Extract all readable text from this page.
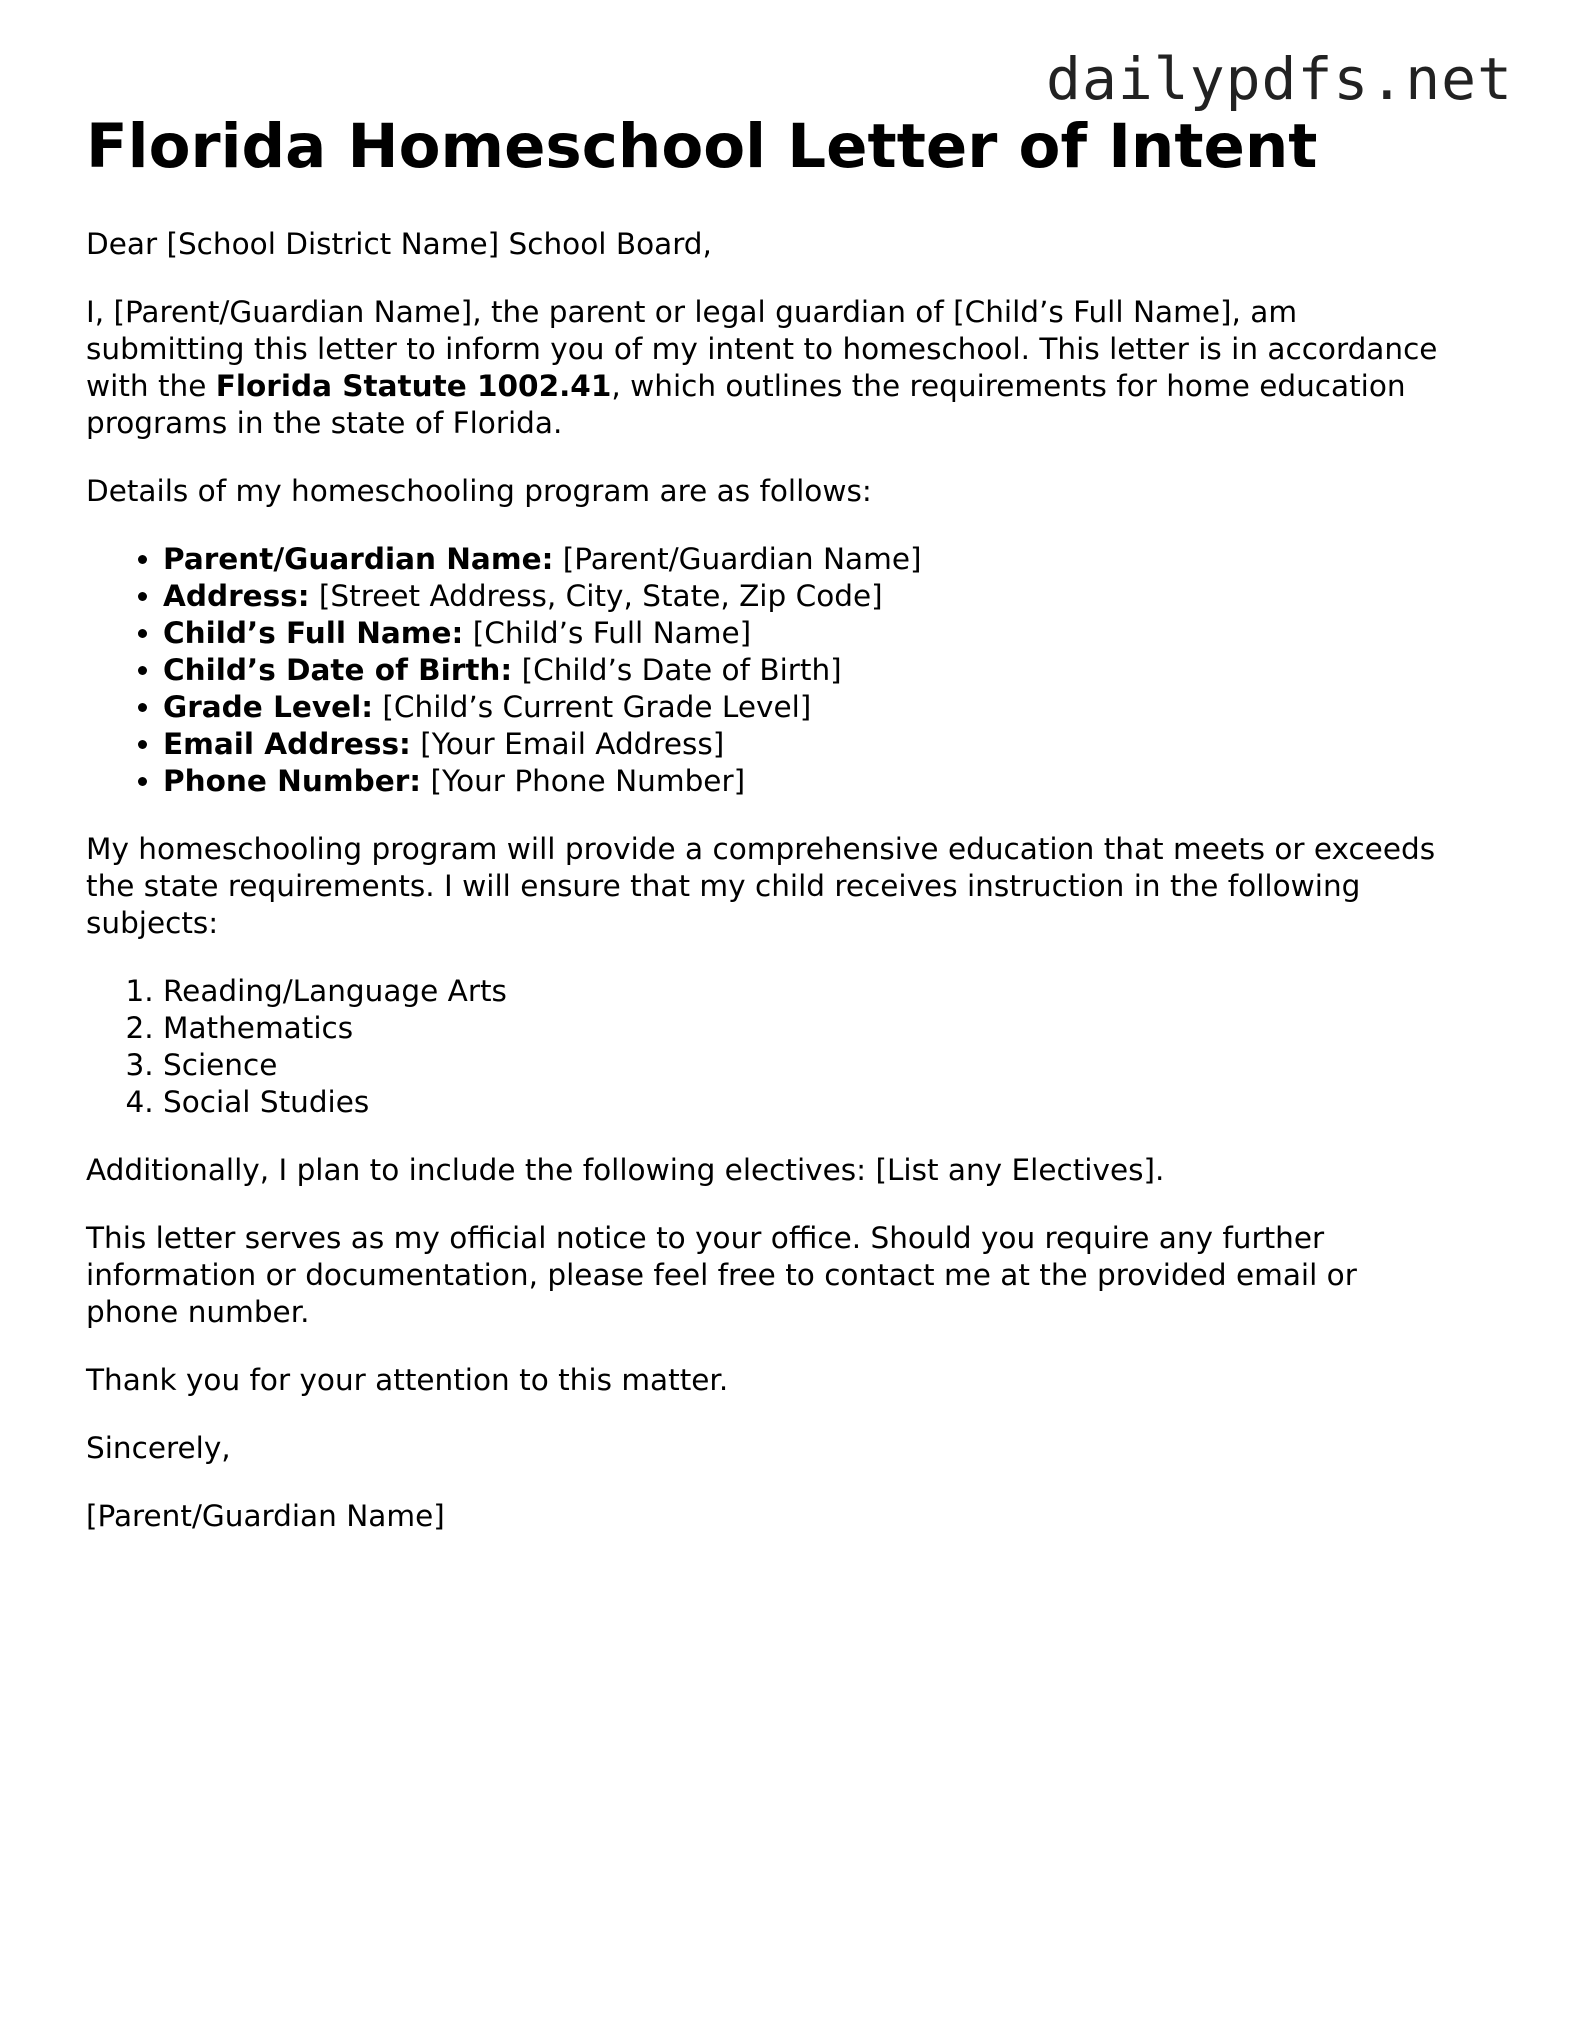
dailypdfs.net
Florida Homeschool Letter of Intent

Dear [School District Name] School Board,

I, [Parent/Guardian Name], the parent or legal guardian of [Child’s Full Name], am submitting this letter to inform you of my intent to homeschool. This letter is in accordance with the Florida Statute 1002.41, which outlines the requirements for home education programs in the state of Florida.

Details of my homeschooling program are as follows:

• Parent/Guardian Name: [Parent/Guardian Name]
• Address: [Street Address, City, State, Zip Code]
• Child’s Full Name: [Child’s Full Name]
• Child’s Date of Birth: [Child’s Date of Birth]
• Grade Level: [Child’s Current Grade Level]
• Email Address: [Your Email Address]
• Phone Number: [Your Phone Number]

My homeschooling program will provide a comprehensive education that meets or exceeds the state requirements. I will ensure that my child receives instruction in the following subjects:

1. Reading/Language Arts
2. Mathematics
3. Science
4. Social Studies

Additionally, I plan to include the following electives: [List any Electives].

This letter serves as my official notice to your office. Should you require any further information or documentation, please feel free to contact me at the provided email or phone number.

Thank you for your attention to this matter.

Sincerely,

[Parent/Guardian Name]
